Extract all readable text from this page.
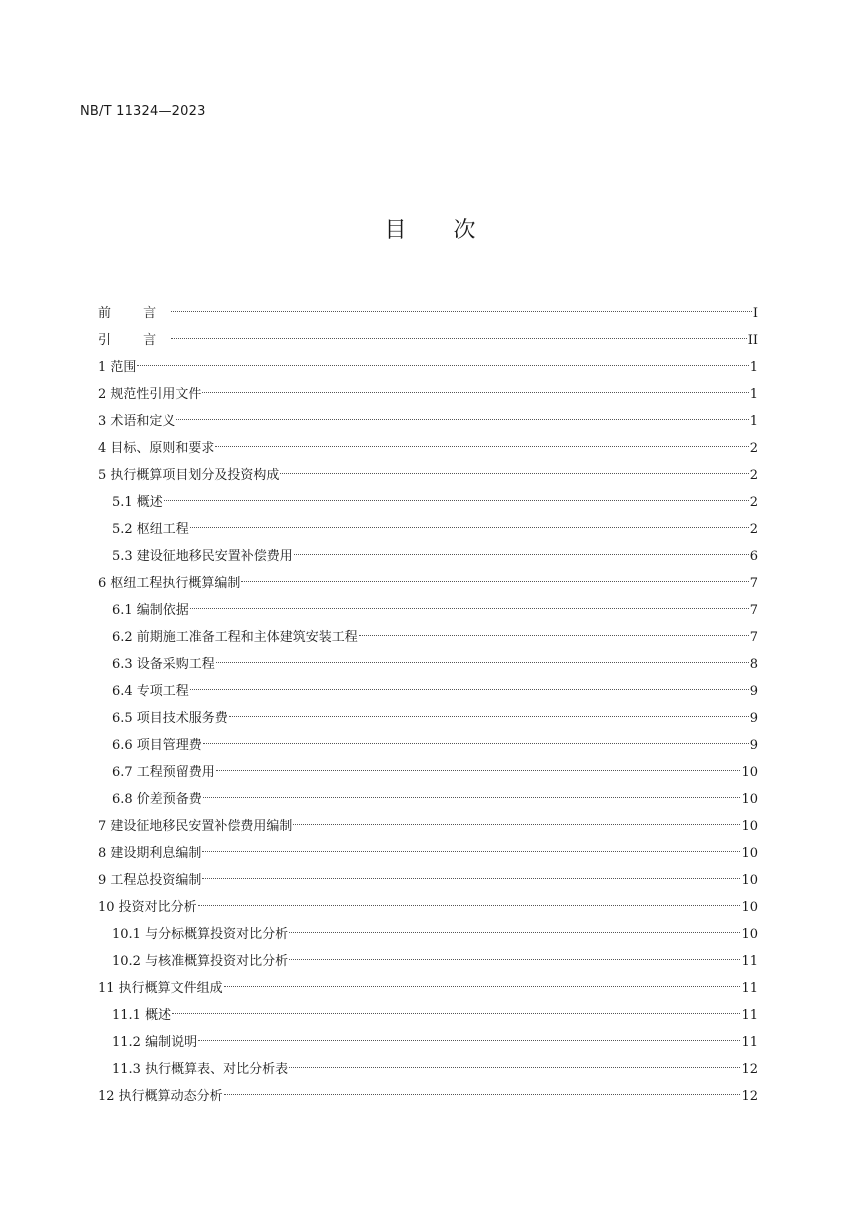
NB/T 11324—2023
目 次
前 言	I
引 言	II
1 范围	1
2 规范性引用文件	1
3 术语和定义	1
4 目标、原则和要求	2
5 执行概算项目划分及投资构成	2
5.1 概述	2
5.2 枢纽工程	2
5.3 建设征地移民安置补偿费用	6
6 枢纽工程执行概算编制	7
6.1 编制依据	7
6.2 前期施工准备工程和主体建筑安装工程	7
6.3 设备采购工程	8
6.4 专项工程	9
6.5 项目技术服务费	9
6.6 项目管理费	9
6.7 工程预留费用	10
6.8 价差预备费	10
7 建设征地移民安置补偿费用编制	10
8 建设期利息编制	10
9 工程总投资编制	10
10 投资对比分析	10
10.1 与分标概算投资对比分析	10
10.2 与核准概算投资对比分析	11
11 执行概算文件组成	11
11.1 概述	11
11.2 编制说明	11
11.3 执行概算表、对比分析表	12
12 执行概算动态分析	12
